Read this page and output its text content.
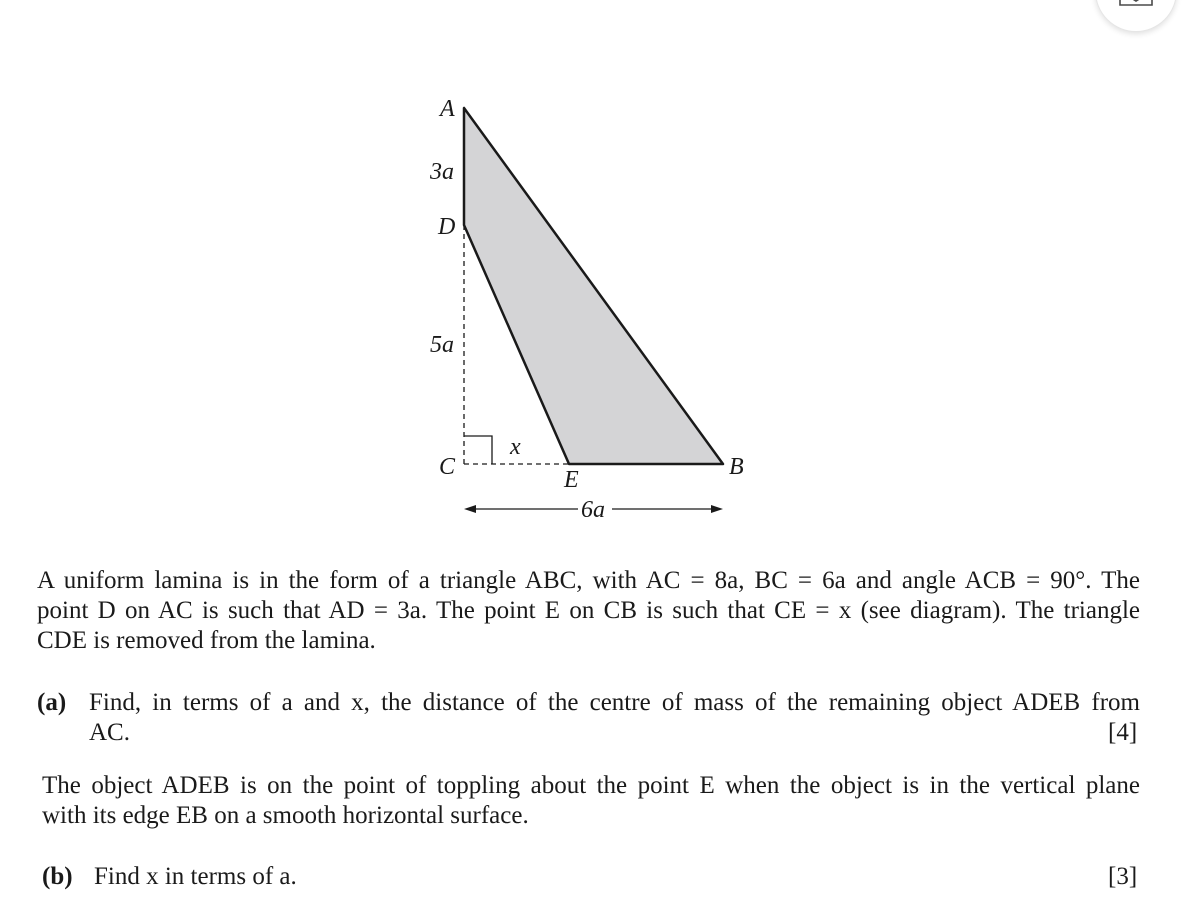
A
3a
D
5a
C
x
E	B
6a

A uniform lamina is in the form of a triangle ABC, with AC = 8a, BC = 6a and angle ACB = 90°. The

point D on AC is such that AD = 3a. The point E on CB is such that CE = x (see diagram). The triangle

CDE is removed from the lamina.

(a) Find, in terms of a and x, the distance of the centre of mass of the remaining object ADEB from

AC.	[4]

The object ADEB is on the point of toppling about the point E when the object is in the vertical plane

with its edge EB on a smooth horizontal surface.

(b) Find x in terms of a.	[3]
